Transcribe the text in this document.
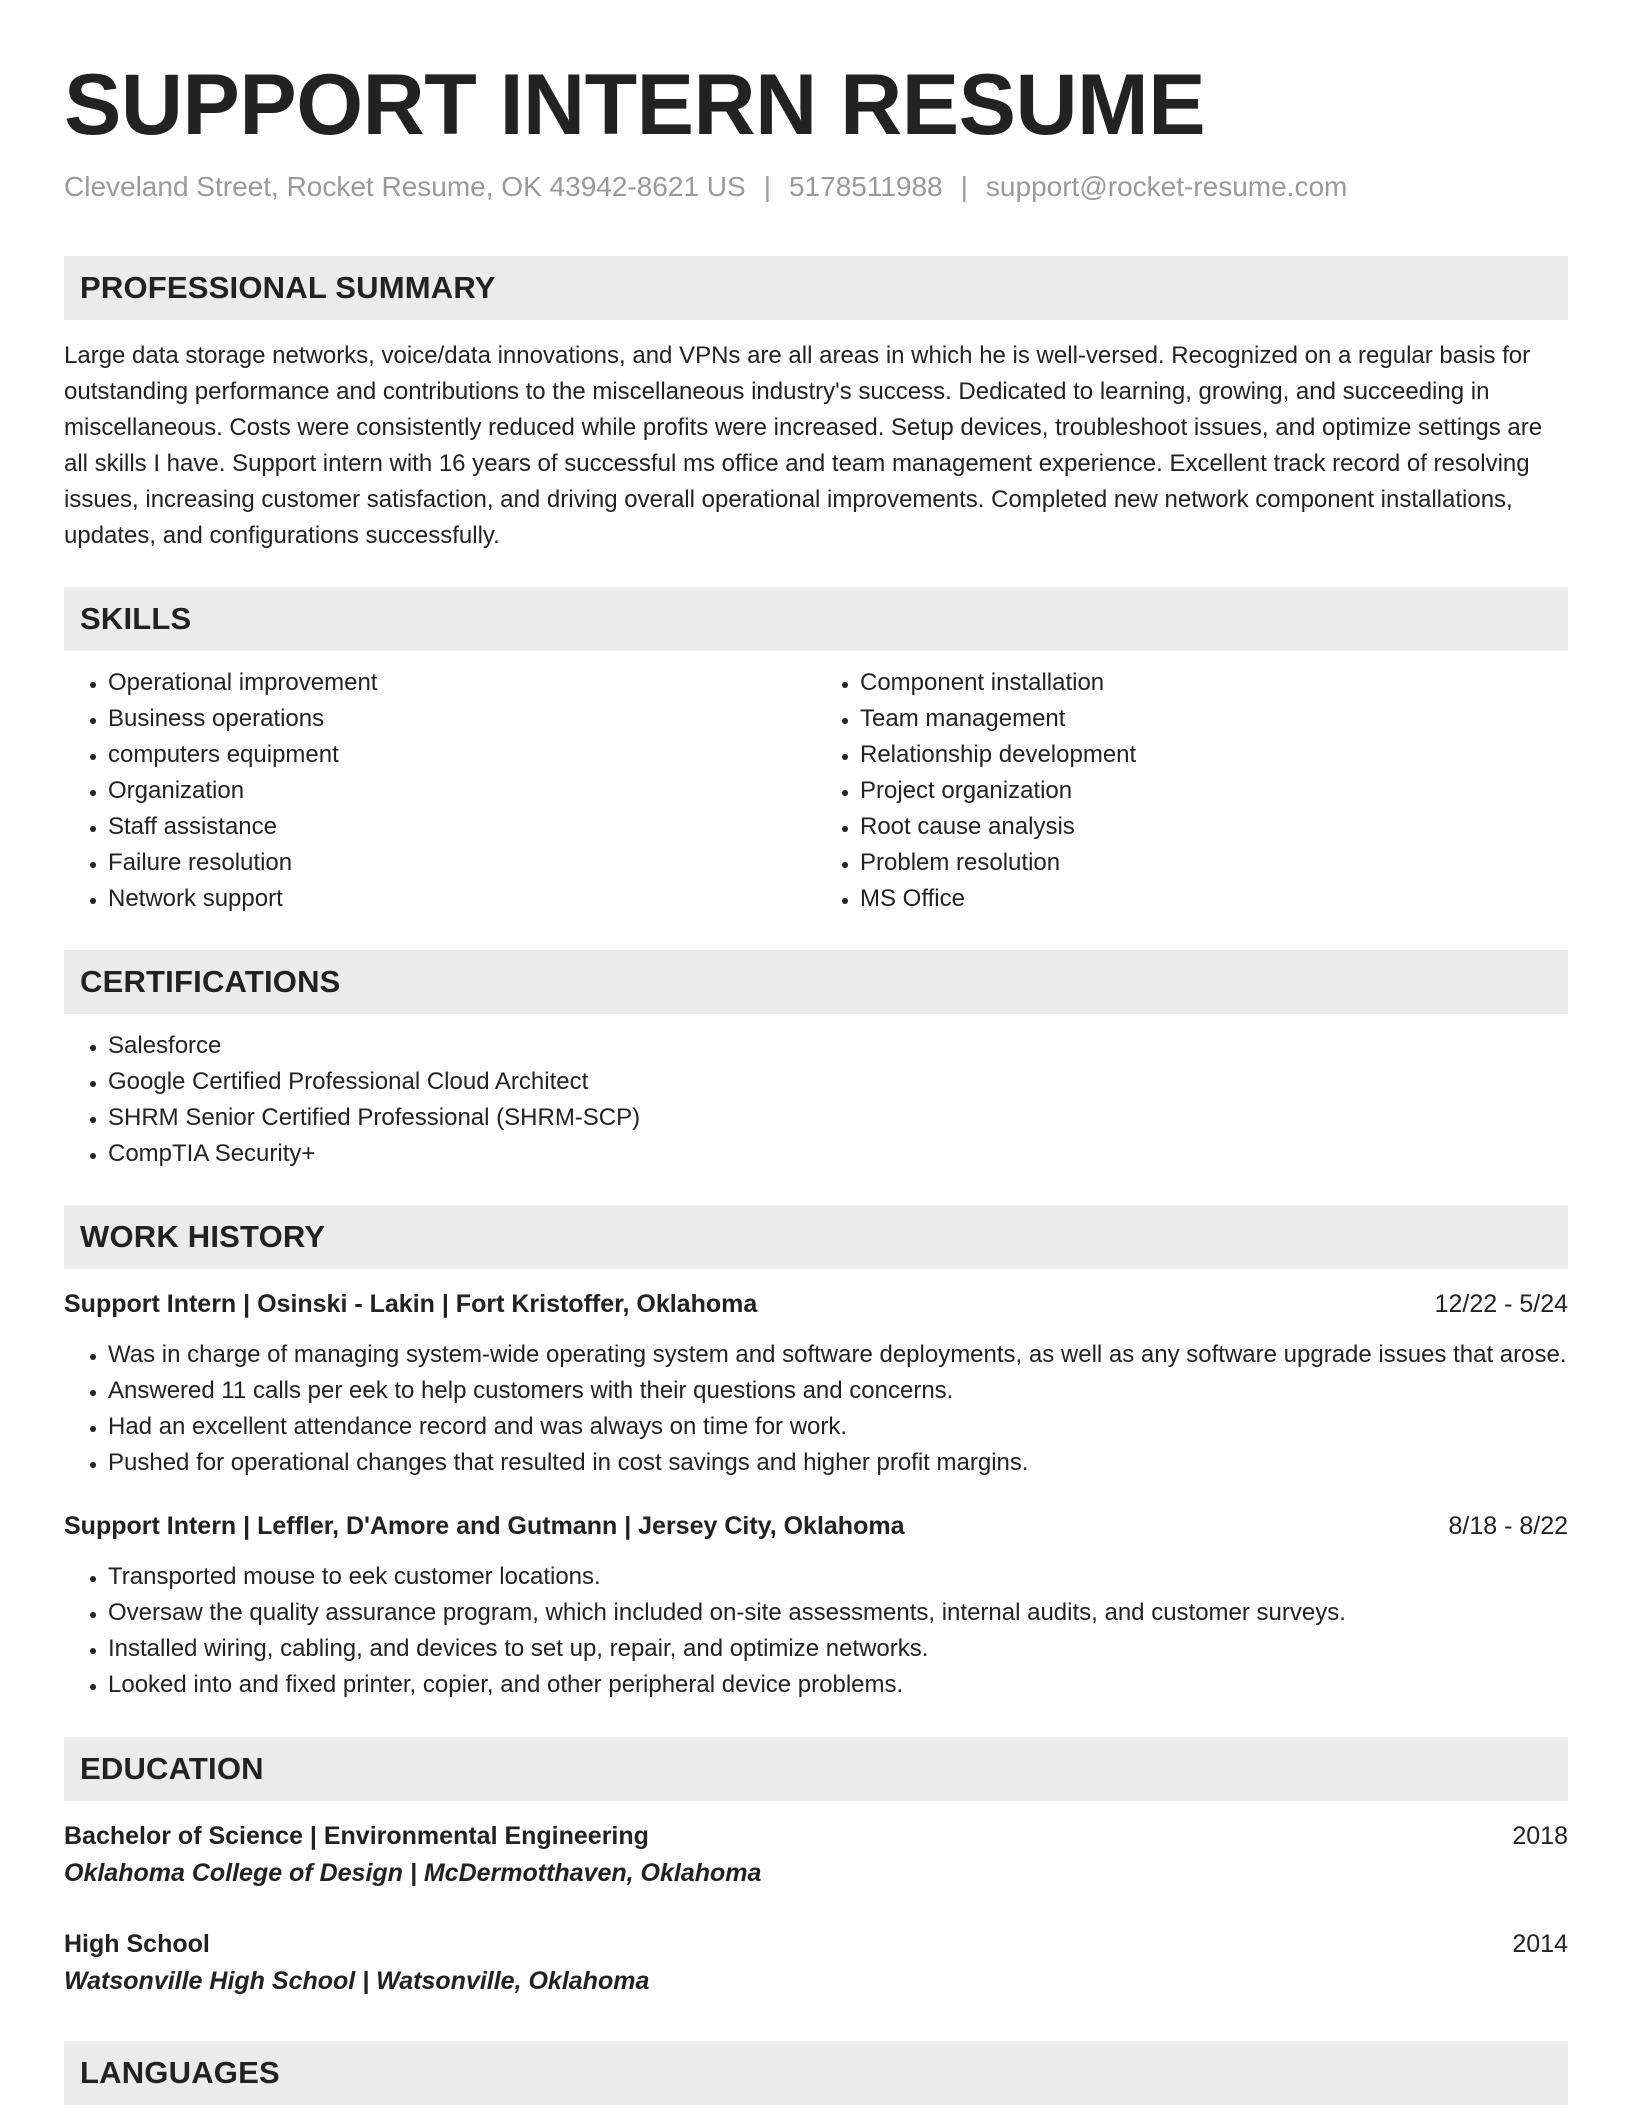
SUPPORT INTERN RESUME
Cleveland Street, Rocket Resume, OK 43942-8621 US | 5178511988 | support@rocket-resume.com
PROFESSIONAL SUMMARY
Large data storage networks, voice/data innovations, and VPNs are all areas in which he is well-versed. Recognized on a regular basis for outstanding performance and contributions to the miscellaneous industry's success. Dedicated to learning, growing, and succeeding in miscellaneous. Costs were consistently reduced while profits were increased. Setup devices, troubleshoot issues, and optimize settings are all skills I have. Support intern with 16 years of successful ms office and team management experience. Excellent track record of resolving issues, increasing customer satisfaction, and driving overall operational improvements. Completed new network component installations, updates, and configurations successfully.
SKILLS
• Operational improvement
• Business operations
• computers equipment
• Organization
• Staff assistance
• Failure resolution
• Network support
• Component installation
• Team management
• Relationship development
• Project organization
• Root cause analysis
• Problem resolution
• MS Office
CERTIFICATIONS
• Salesforce
• Google Certified Professional Cloud Architect
• SHRM Senior Certified Professional (SHRM-SCP)
• CompTIA Security+
WORK HISTORY
Support Intern | Osinski - Lakin | Fort Kristoffer, Oklahoma	12/22 - 5/24
• Was in charge of managing system-wide operating system and software deployments, as well as any software upgrade issues that arose.
• Answered 11 calls per eek to help customers with their questions and concerns.
• Had an excellent attendance record and was always on time for work.
• Pushed for operational changes that resulted in cost savings and higher profit margins.
Support Intern | Leffler, D'Amore and Gutmann | Jersey City, Oklahoma	8/18 - 8/22
• Transported mouse to eek customer locations.
• Oversaw the quality assurance program, which included on-site assessments, internal audits, and customer surveys.
• Installed wiring, cabling, and devices to set up, repair, and optimize networks.
• Looked into and fixed printer, copier, and other peripheral device problems.
EDUCATION
Bachelor of Science | Environmental Engineering	2018
Oklahoma College of Design | McDermotthaven, Oklahoma
High School	2014
Watsonville High School | Watsonville, Oklahoma
LANGUAGES
